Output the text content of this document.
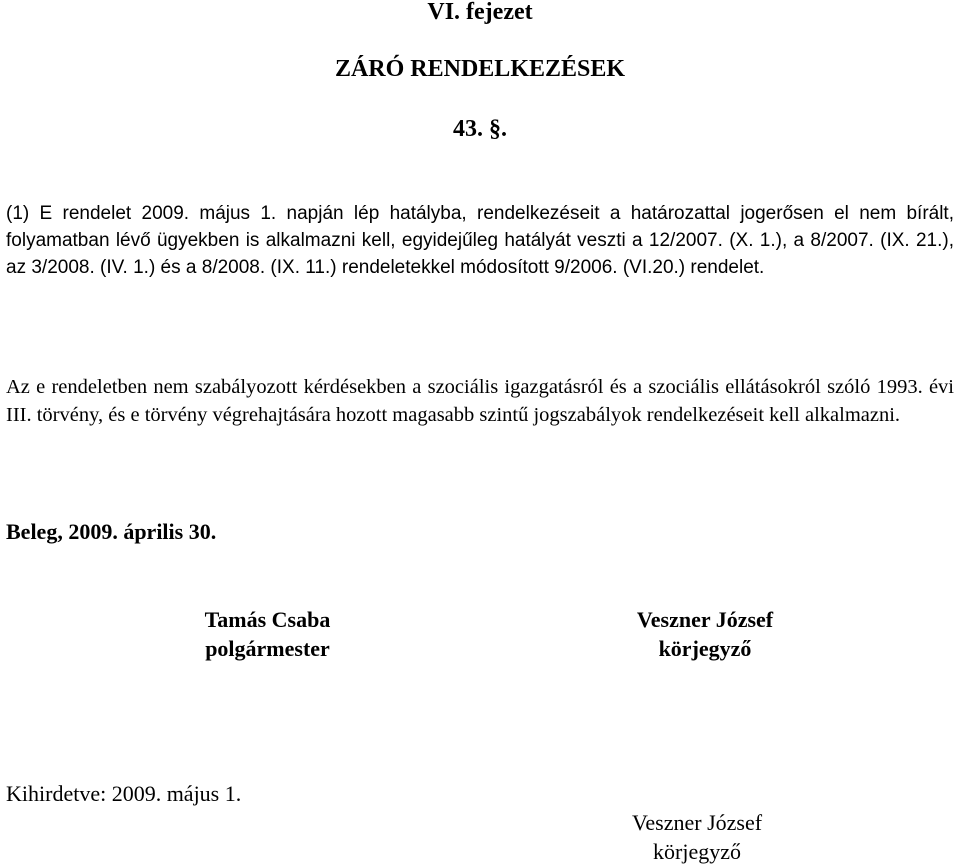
VI. fejezet
ZÁRÓ RENDELKEZÉSEK
43. §.
(1) E rendelet 2009. május 1. napján lép hatályba, rendelkezéseit a határozattal jogerősen el nem bírált, folyamatban lévő ügyekben is alkalmazni kell, egyidejűleg hatályát veszti a 12/2007. (X. 1.), a 8/2007. (IX. 21.), az 3/2008. (IV. 1.) és a 8/2008. (IX. 11.) rendeletekkel módosított 9/2006. (VI.20.) rendelet.
Az e rendeletben nem szabályozott kérdésekben a szociális igazgatásról és a szociális ellátásokról szóló 1993. évi III. törvény, és e törvény végrehajtására hozott magasabb szintű jogszabályok rendelkezéseit kell alkalmazni.
Beleg, 2009. április 30.
Tamás Csaba
polgármester
Veszner József
körjegyző
Kihirdetve: 2009. május 1.
Veszner József
körjegyző
